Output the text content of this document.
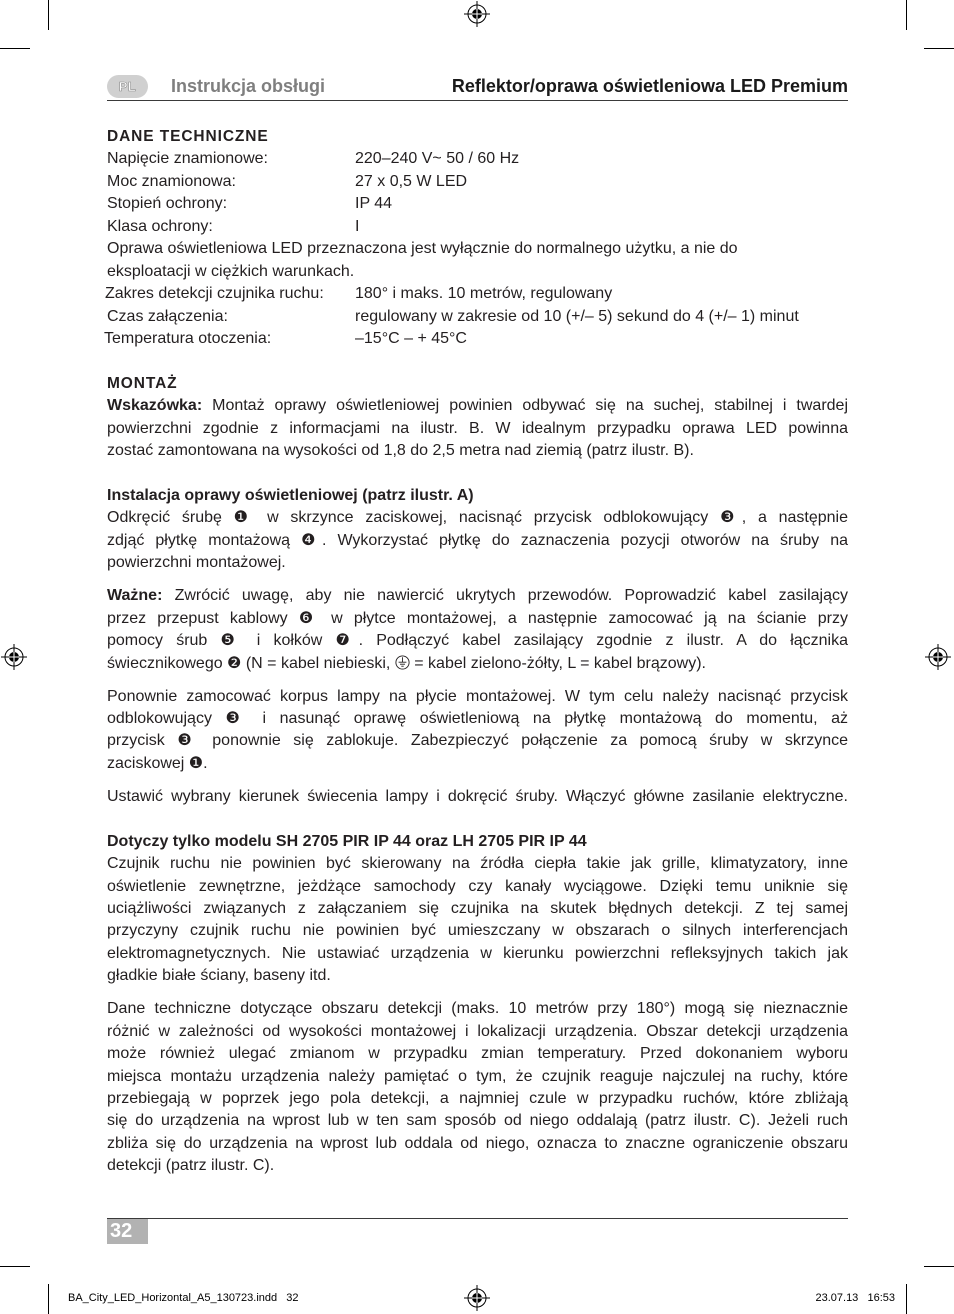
PL	Instrukcja obsługi	Reflektor/oprawa oświetleniowa LED Premium
DANE TECHNICZNE
Napięcie znamionowe:	220–240 V~ 50 / 60 Hz
Moc znamionowa:	27 x 0,5 W LED
Stopień ochrony:	IP 44
Klasa ochrony:	I
Oprawa oświetleniowa LED przeznaczona jest wyłącznie do normalnego użytku, a nie do
eksploatacji w ciężkich warunkach.
Zakres detekcji czujnika ruchu: 180° i maks. 10 metrów, regulowany
Czas załączenia:	regulowany w zakresie od 10 (+/– 5) sekund do 4 (+/– 1) minut
Temperatura otoczenia:	–15°C – + 45°C
MONTAŻ
Wskazówka: Montaż oprawy oświetleniowej powinien odbywać się na suchej, stabilnej i twardej
powierzchni zgodnie z informacjami na ilustr. B. W idealnym przypadku oprawa LED powinna
zostać zamontowana na wysokości od 1,8 do 2,5 metra nad ziemią (patrz ilustr. B).
Instalacja oprawy oświetleniowej (patrz ilustr. A)
Odkręcić śrubę ❶ w skrzynce zaciskowej, nacisnąć przycisk odblokowujący ❸, a następnie
zdjąć płytkę montażową ❹. Wykorzystać płytkę do zaznaczenia pozycji otworów na śruby na
powierzchni montażowej.
Ważne: Zwrócić uwagę, aby nie nawiercić ukrytych przewodów. Poprowadzić kabel zasilający
przez przepust kablowy ❻ w płytce montażowej, a następnie zamocować ją na ścianie przy
pomocy śrub ❺ i kołków ❼. Podłączyć kabel zasilający zgodnie z ilustr. A do łącznika
świecznikowego ❷ (N = kabel niebieski, = kabel zielono-żółty, L = kabel brązowy).
Ponownie zamocować korpus lampy na płycie montażowej. W tym celu należy nacisnąć przycisk
odblokowujący ❸ i nasunąć oprawę oświetleniową na płytkę montażową do momentu, aż
przycisk ❸ ponownie się zablokuje. Zabezpieczyć połączenie za pomocą śruby w skrzynce
zaciskowej ❶.
Ustawić wybrany kierunek świecenia lampy i dokręcić śruby. Włączyć główne zasilanie elektryczne.
Dotyczy tylko modelu SH 2705 PIR IP 44 oraz LH 2705 PIR IP 44
Czujnik ruchu nie powinien być skierowany na źródła ciepła takie jak grille, klimatyzatory, inne
oświetlenie zewnętrzne, jeżdżące samochody czy kanały wyciągowe. Dzięki temu uniknie się
uciążliwości związanych z załączaniem się czujnika na skutek błędnych detekcji. Z tej samej
przyczyny czujnik ruchu nie powinien być umieszczany w obszarach o silnych interferencjach
elektromagnetycznych. Nie ustawiać urządzenia w kierunku powierzchni refleksyjnych takich jak
gładkie białe ściany, baseny itd.
Dane techniczne dotyczące obszaru detekcji (maks. 10 metrów przy 180°) mogą się nieznacznie
różnić w zależności od wysokości montażowej i lokalizacji urządzenia. Obszar detekcji urządzenia
może również ulegać zmianom w przypadku zmian temperatury. Przed dokonaniem wyboru
miejsca montażu urządzenia należy pamiętać o tym, że czujnik reaguje najczulej na ruchy, które
przebiegają w poprzek jego pola detekcji, a najmniej czule w przypadku ruchów, które zbliżają
się do urządzenia na wprost lub w ten sam sposób od niego oddalają (patrz ilustr. C). Jeżeli ruch
zbliża się do urządzenia na wprost lub oddala od niego, oznacza to znaczne ograniczenie obszaru
detekcji (patrz ilustr. C).
32
BA_City_LED_Horizontal_A5_130723.indd   32	23.07.13   16:53
